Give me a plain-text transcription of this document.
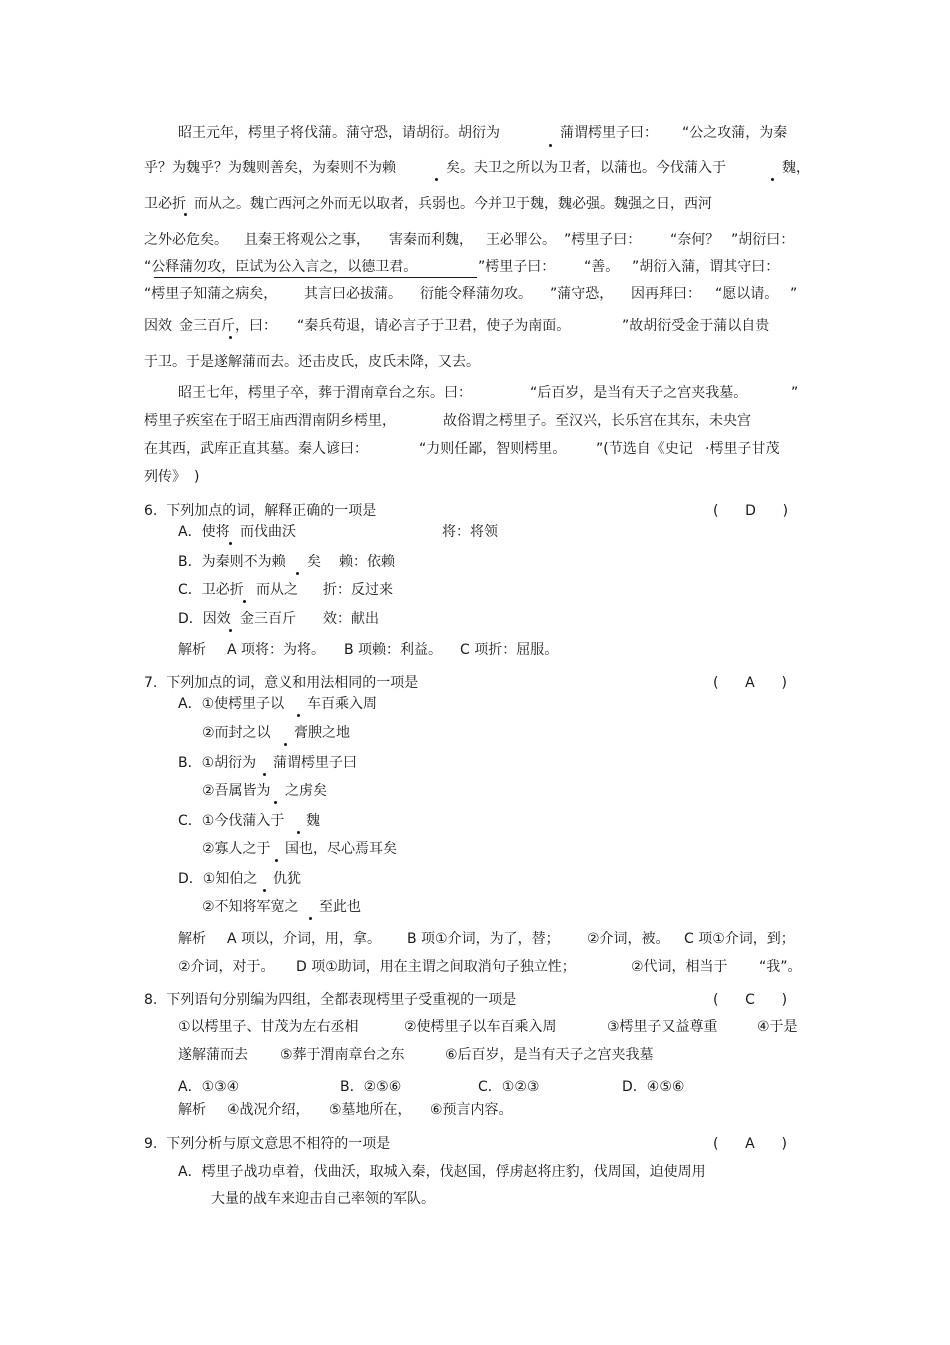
昭王元年，樗里子将伐蒲。蒲守恐，请胡衍。胡衍为	蒲谓樗里子曰： “公之攻蒲，为秦
乎？为魏乎？为魏则善矣，为秦则不为赖	矣。夫卫之所以为卫者，以蒲也。今伐蒲入于	魏，
卫必折 而从之。魏亡西河之外而无以取者，兵弱也。今并卫于魏，魏必强。魏强之日，西河
之外必危矣。 且秦王将观公之事， 害秦而利魏， 王必罪公。 ”樗里子曰： “奈何？ ”胡衍曰：
“公释蒲勿攻，臣试为公入言之，以德卫君。	”樗里子曰： “善。 ”胡衍入蒲，谓其守曰：
“樗里子知蒲之病矣， 其言曰必拔蒲。 衍能令释蒲勿攻。 ”蒲守恐， 因再拜曰： “愿以请。 ”
因效 金三百斤，曰： “秦兵苟退，请必言子于卫君，使子为南面。	”故胡衍受金于蒲以自贵
于卫。于是遂解蒲而去。还击皮氏，皮氏未降，又去。
昭王七年，樗里子卒，葬于渭南章台之东。曰：	“后百岁，是当有天子之宫夹我墓。	”
樗里子疾室在于昭王庙西渭南阴乡樗里，	故俗谓之樗里子。至汉兴，长乐宫在其东，未央宫
在其西，武库正直其墓。秦人谚曰：	“力则任鄙，智则樗里。 ”(节选自《史记 ·樗里子甘茂
列传》 )
6.  下列加点的词，解释正确的一项是	(      D      )
A．使将 而伐曲沃	将：将领
B．为秦则不为赖 矣 赖：依赖
C．卫必折 而从之 折：反过来
D．因效 金三百斤 效：献出
解析 A 项将：为将。 B 项赖：利益。 C 项折：屈服。
7.  下列加点的词，意义和用法相同的一项是	(      A      )
A．①使樗里子以 车百乘入周
②而封之以 膏腴之地
B．①胡衍为 蒲谓樗里子曰
②吾属皆为 之虏矣
C．①今伐蒲入于 魏
②寡人之于 国也，尽心焉耳矣
D．①知伯之 仇犹
②不知将军宽之 至此也
解析 A 项以，介词，用，拿。 B 项①介词，为了，替； ②介词，被。 C 项①介词，到；
②介词，对于。 D 项①助词，用在主谓之间取消句子独立性；	②代词，相当于 “我”。
8.  下列语句分别编为四组，全都表现樗里子受重视的一项是	(      C      )
①以樗里子、甘茂为左右丞相	②使樗里子以车百乘入周	③樗里子又益尊重	④于是
遂解蒲而去 ⑤葬于渭南章台之东	⑥后百岁，是当有天子之宫夹我墓
A．①③④	B．②⑤⑥	C．①②③	D．④⑤⑥
解析 ④战况介绍， ⑤墓地所在， ⑥预言内容。
9.  下列分析与原文意思不相符的一项是	(      A      )
A．樗里子战功卓着，伐曲沃，取城入秦，伐赵国，俘虏赵将庄豹，伐周国，迫使周用
大量的战车来迎击自己率领的军队。
